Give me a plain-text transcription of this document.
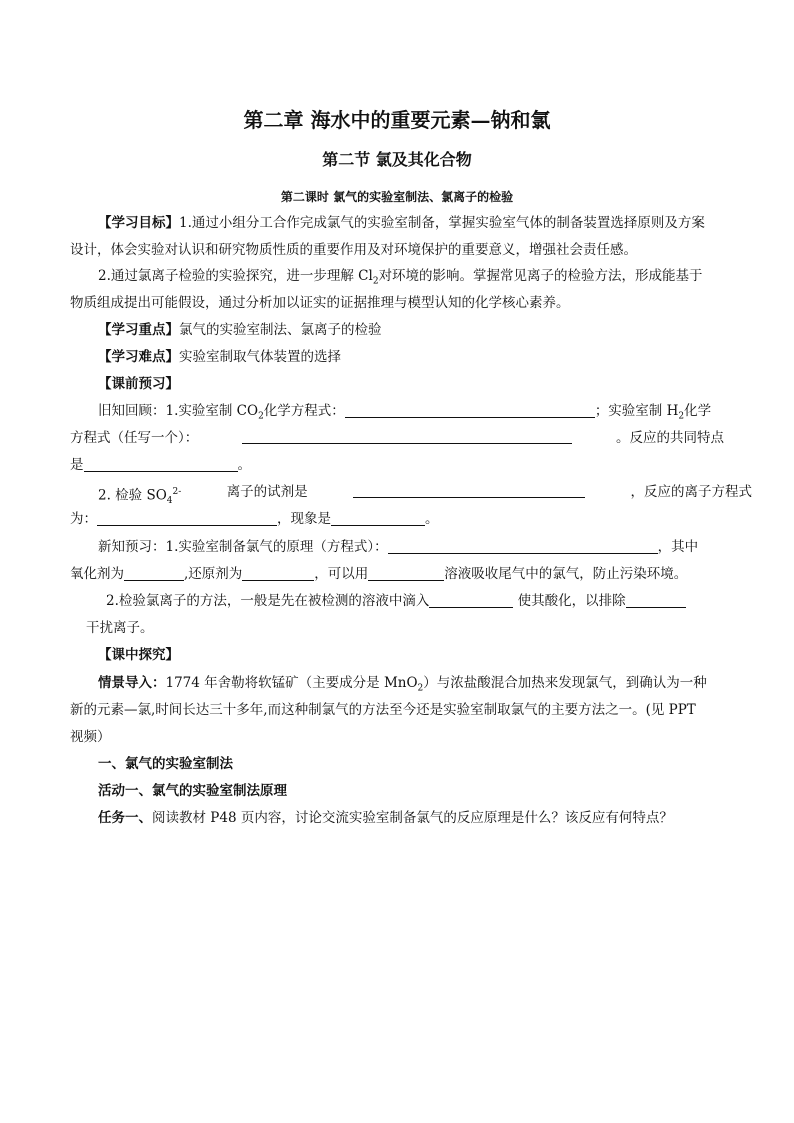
第二章 海水中的重要元素—钠和氯
第二节 氯及其化合物
第二课时 氯气的实验室制法、氯离子的检验
【学习目标】1.通过小组分工合作完成氯气的实验室制备，掌握实验室气体的制备装置选择原则及方案
设计，体会实验对认识和研究物质性质的重要作用及对环境保护的重要意义，增强社会责任感。
2.通过氯离子检验的实验探究，进一步理解 $Cl_2$对环境的影响。掌握常见离子的检验方法，形成能基于
物质组成提出可能假设，通过分析加以证实的证据推理与模型认知的化学核心素养。
【学习重点】氯气的实验室制法、氯离子的检验
【学习难点】实验室制取气体装置的选择
【课前预习】
旧知回顾：1.实验室制 $CO_2$化学方程式：	；实验室制 $H_2$化学
方程式（任写一个）：	。反应的共同特点
是	。
2. 检验 $SO_4^{2-}$	离子的试剂是	，反应的离子方程式
为：	，现象是	。
新知预习：1.实验室制备氯气的原理（方程式）：	，其中
氧化剂为	,还原剂为	，可以用	溶液吸收尾气中的氯气，防止污染环境。
2.检验氯离子的方法，一般是先在被检测的溶液中滴入	使其酸化，以排除
干扰离子。
【课中探究】
情景导入：1774 年舍勒将软锰矿（主要成分是 MnO$_2$）与浓盐酸混合加热来发现氯气，到确认为一种
新的元素—氯,时间长达三十多年,而这种制氯气的方法至今还是实验室制取氯气的主要方法之一。(见 PPT
视频）
一、氯气的实验室制法
活动一、氯气的实验室制法原理
任务一、阅读教材 P48 页内容，讨论交流实验室制备氯气的反应原理是什么？该反应有何特点？
